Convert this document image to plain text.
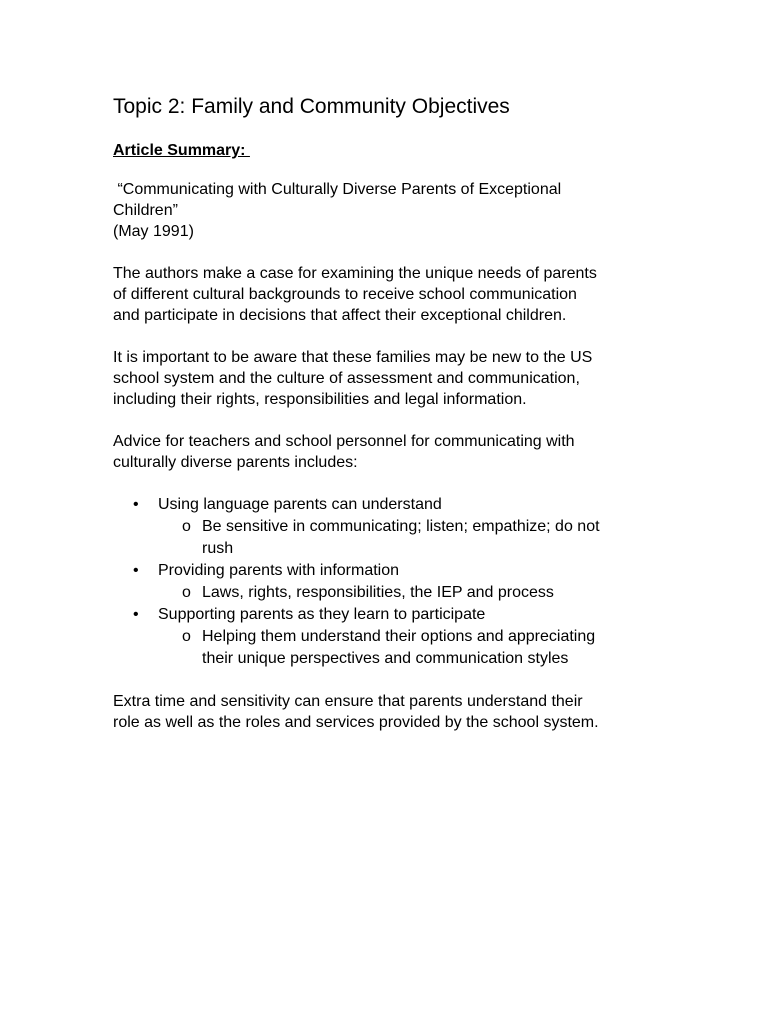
Topic 2: Family and Community Objectives
Article Summary:
“Communicating with Culturally Diverse Parents of Exceptional
Children”
(May 1991)
The authors make a case for examining the unique needs of parents
of different cultural backgrounds to receive school communication
and participate in decisions that affect their exceptional children.
It is important to be aware that these families may be new to the US
school system and the culture of assessment and communication,
including their rights, responsibilities and legal information.
Advice for teachers and school personnel for communicating with
culturally diverse parents includes:
• Using language parents can understand
o Be sensitive in communicating; listen; empathize; do not
rush
• Providing parents with information
o Laws, rights, responsibilities, the IEP and process
• Supporting parents as they learn to participate
o Helping them understand their options and appreciating
their unique perspectives and communication styles
Extra time and sensitivity can ensure that parents understand their
role as well as the roles and services provided by the school system.
